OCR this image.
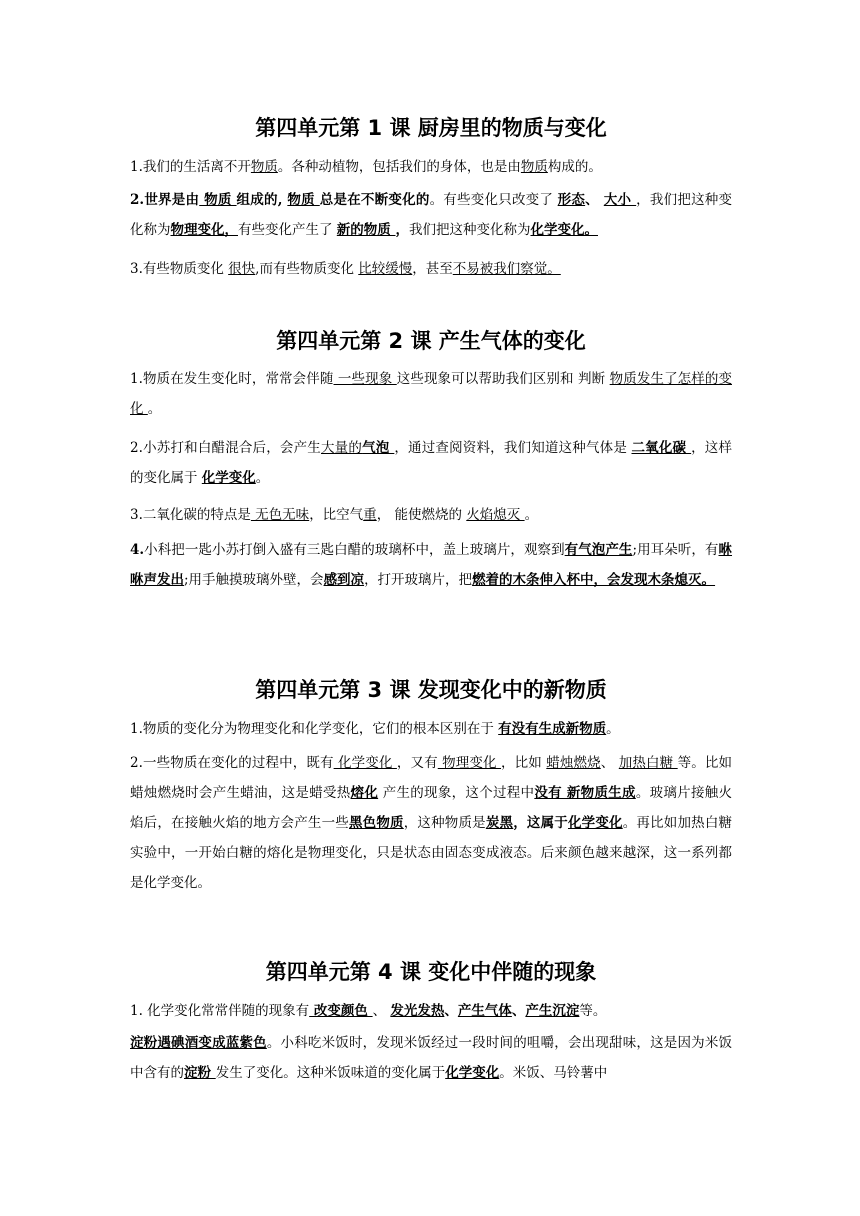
第四单元第 1 课 厨房里的物质与变化
1.我们的生活离不开物质。各种动植物，包括我们的身体，也是由物质构成的。
2.世界是由 物质 组成的, 物质 总是在不断变化的。有些变化只改变了 形态、 大小 ，我们把这种变化称为物理变化，有些变化产生了 新的物质 ，我们把这种变化称为化学变化。
3.有些物质变化 很快,而有些物质变化 比较缓慢，甚至不易被我们察觉。
第四单元第 2 课 产生气体的变化
1.物质在发生变化时，常常会伴随 一些现象 这些现象可以帮助我们区别和 判断 物质发生了怎样的变化 。
2.小苏打和白醋混合后，会产生大量的气泡 ，通过查阅资料，我们知道这种气体是 二氧化碳 ，这样的变化属于 化学变化。
3.二氧化碳的特点是 无色无味，比空气重， 能使燃烧的 火焰熄灭 。
4.小科把一匙小苏打倒入盛有三匙白醋的玻璃杯中，盖上玻璃片，观察到有气泡产生;用耳朵听，有咻咻声发出;用手触摸玻璃外壁，会感到凉，打开玻璃片，把燃着的木条伸入杯中，会发现木条熄灭。
第四单元第 3 课 发现变化中的新物质
1.物质的变化分为物理变化和化学变化，它们的根本区别在于 有没有生成新物质。
2.一些物质在变化的过程中，既有 化学变化 ，又有 物理变化 ，比如 蜡烛燃烧、 加热白糖 等。比如蜡烛燃烧时会产生蜡油，这是蜡受热熔化 产生的现象，这个过程中没有 新物质生成。玻璃片接触火焰后，在接触火焰的地方会产生一些黑色物质，这种物质是炭黑，这属于化学变化。再比如加热白糖实验中，一开始白糖的熔化是物理变化，只是状态由固态变成液态。后来颜色越来越深，这一系列都是化学变化。
第四单元第 4 课 变化中伴随的现象
1. 化学变化常常伴随的现象有 改变颜色 、 发光发热、产生气体、产生沉淀等。
淀粉遇碘酒变成蓝紫色。小科吃米饭时，发现米饭经过一段时间的咀嚼，会出现甜味，这是因为米饭中含有的淀粉 发生了变化。这种米饭味道的变化属于化学变化。米饭、马铃薯中
